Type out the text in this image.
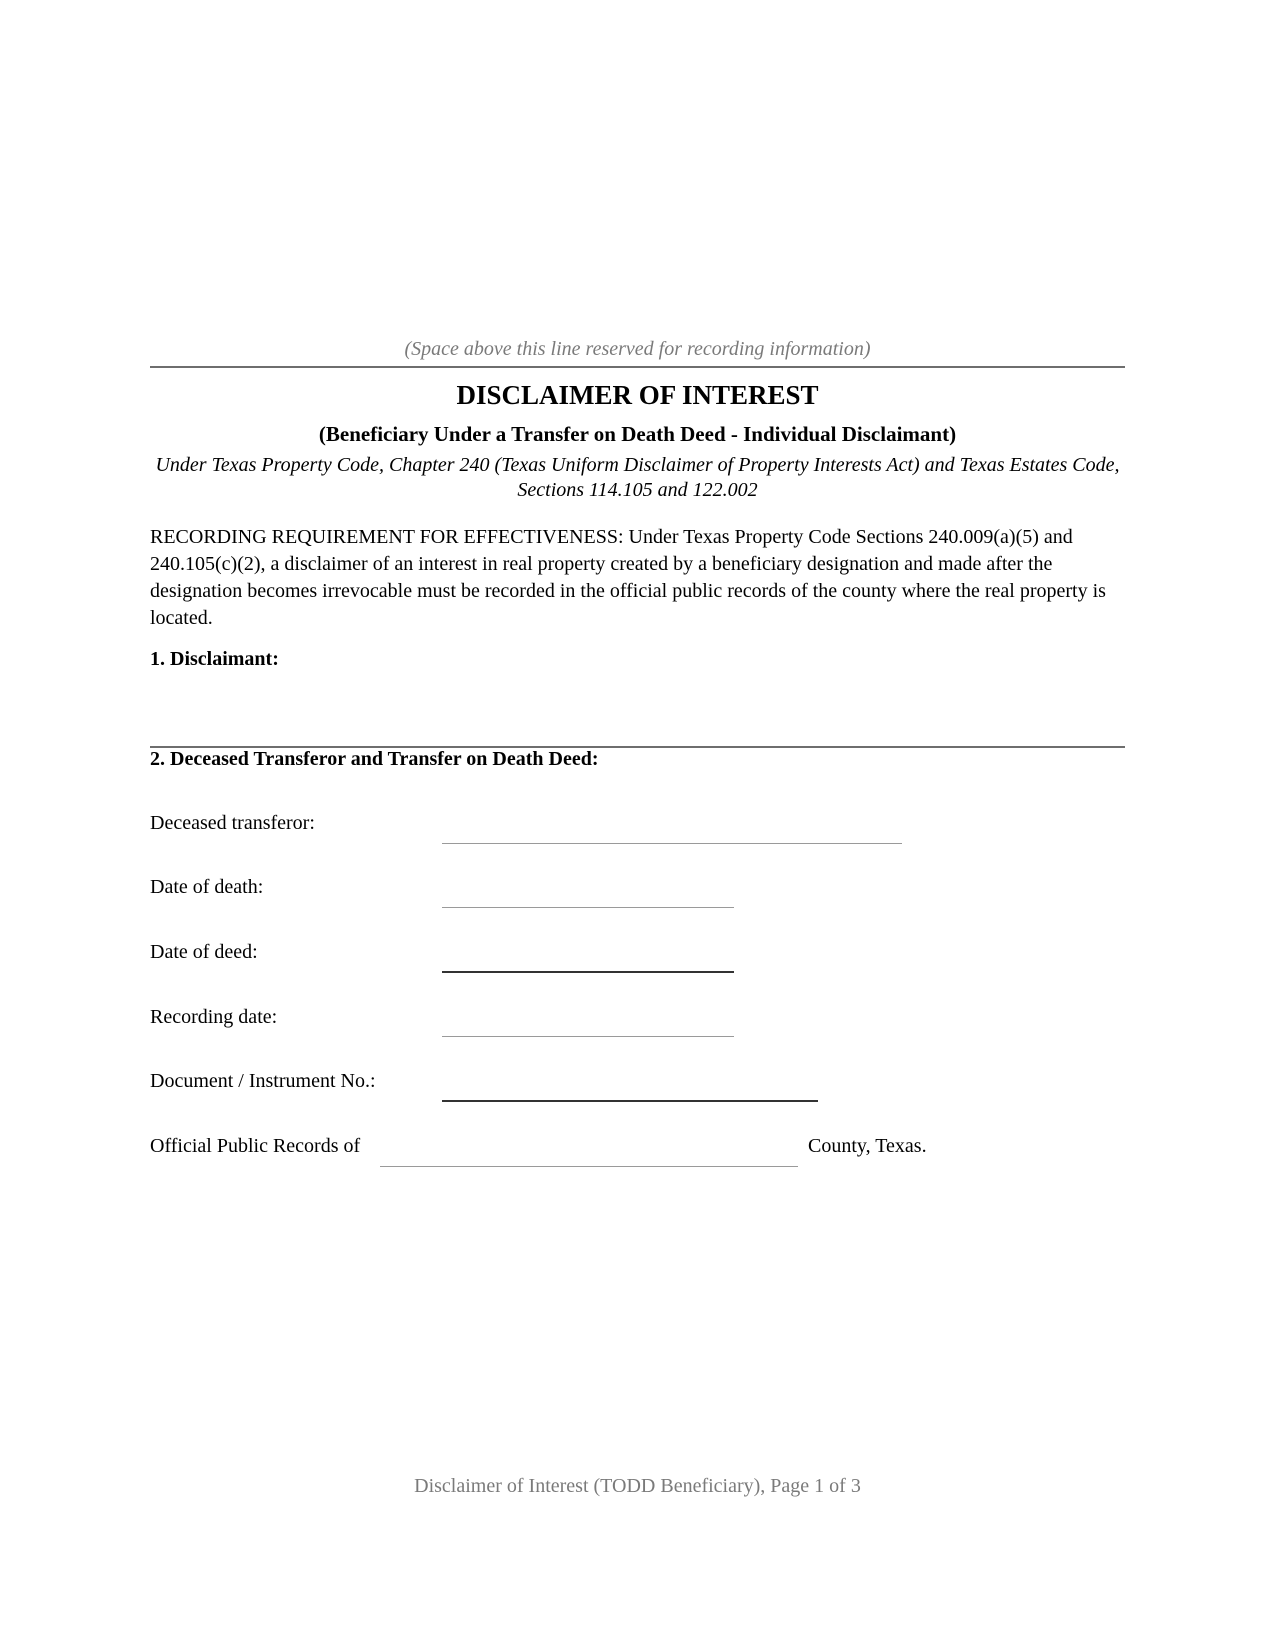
(Space above this line reserved for recording information)
DISCLAIMER OF INTEREST
(Beneficiary Under a Transfer on Death Deed - Individual Disclaimant)
Under Texas Property Code, Chapter 240 (Texas Uniform Disclaimer of Property Interests Act) and Texas Estates Code, Sections 114.105 and 122.002
RECORDING REQUIREMENT FOR EFFECTIVENESS: Under Texas Property Code Sections 240.009(a)(5) and 240.105(c)(2), a disclaimer of an interest in real property created by a beneficiary designation and made after the designation becomes irrevocable must be recorded in the official public records of the county where the real property is located.
1. Disclaimant:
2. Deceased Transferor and Transfer on Death Deed:
Deceased transferor:
Date of death:
Date of deed:
Recording date:
Document / Instrument No.:
Official Public Records of	County, Texas.
Disclaimer of Interest (TODD Beneficiary), Page 1 of 3
